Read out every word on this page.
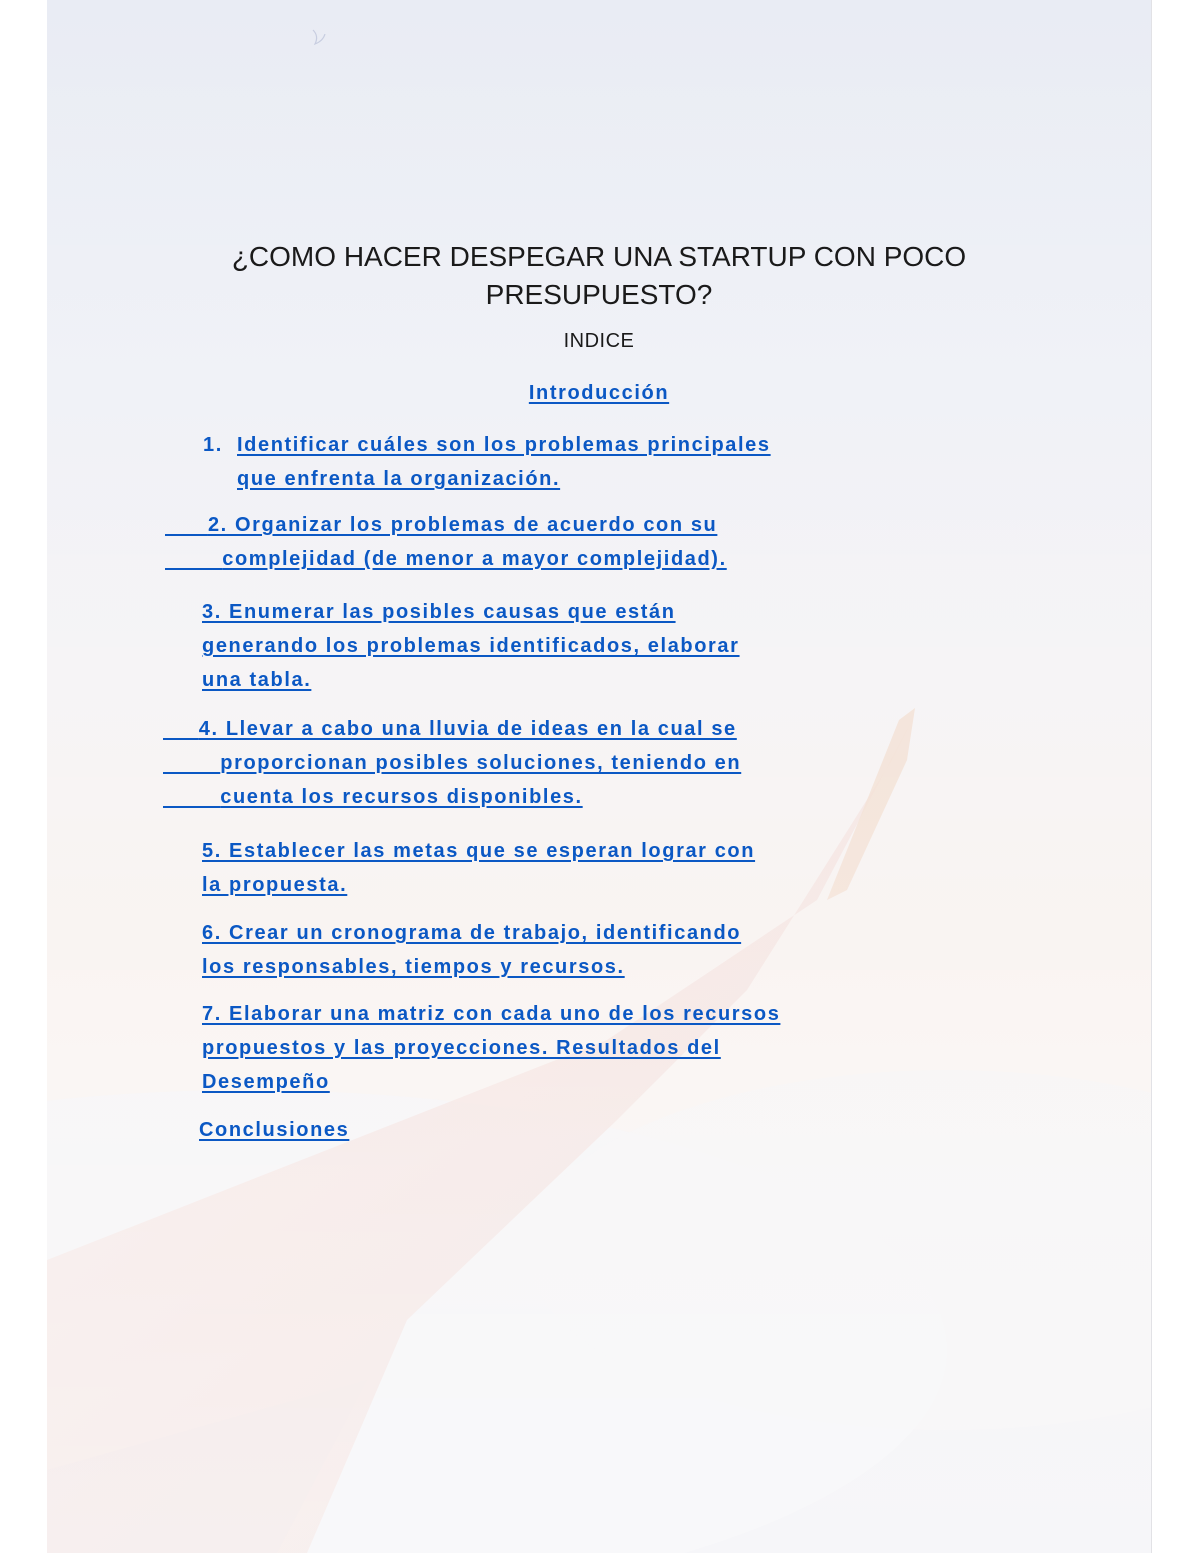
¿COMO HACER DESPEGAR UNA STARTUP CON POCO
PRESUPUESTO?
INDICE
Introducción
1. Identificar cuáles son los problemas principales
que enfrenta la organización.
2. Organizar los problemas de acuerdo con su
complejidad (de menor a mayor complejidad).
3. Enumerar las posibles causas que están
generando los problemas identificados, elaborar
una tabla.
4. Llevar a cabo una lluvia de ideas en la cual se
proporcionan posibles soluciones, teniendo en
cuenta los recursos disponibles.
5. Establecer las metas que se esperan lograr con
la propuesta.
6. Crear un cronograma de trabajo, identificando
los responsables, tiempos y recursos.
7. Elaborar una matriz con cada uno de los recursos
propuestos y las proyecciones. Resultados del
Desempeño
Conclusiones
